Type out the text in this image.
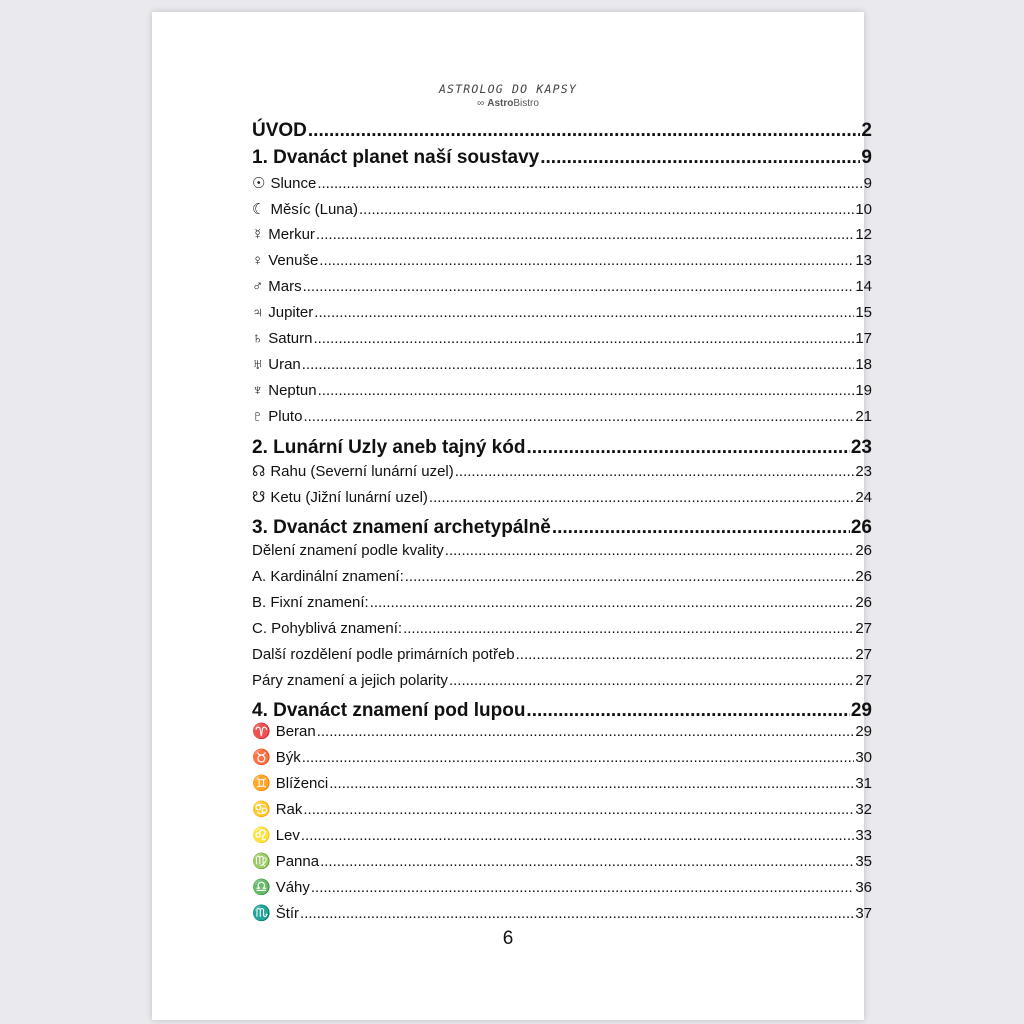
ASTROLOG DO KAPSY
∞ AstroBistro
ÚVOD .....	2
1. Dvanáct planet naší soustavy .....	9
☉ Slunce .....	9
☾ Měsíc (Luna) .....	10
☿ Merkur .....	12
♀ Venuše .....	13
♂ Mars .....	14
♃ Jupiter .....	15
♄ Saturn .....	17
♅ Uran .....	18
♆ Neptun .....	19
♇ Pluto .....	21
2. Lunární Uzly aneb tajný kód .....	23
☊ Rahu (Severní lunární uzel) .....	23
☋ Ketu (Jižní lunární uzel) .....	24
3. Dvanáct znamení archetypálně .....	26
Dělení znamení podle kvality .....	26
A. Kardinální znamení: .....	26
B. Fixní znamení: .....	26
C. Pohyblivá znamení: .....	27
Další rozdělení podle primárních potřeb .....	27
Páry znamení a jejich polarity .....	27
4. Dvanáct znamení pod lupou .....	29
♈ Beran .....	29
♉ Býk .....	30
♊ Blíženci .....	31
♋ Rak .....	32
♌ Lev .....	33
♍ Panna .....	35
♎ Váhy .....	36
♏ Štír .....	37
6
